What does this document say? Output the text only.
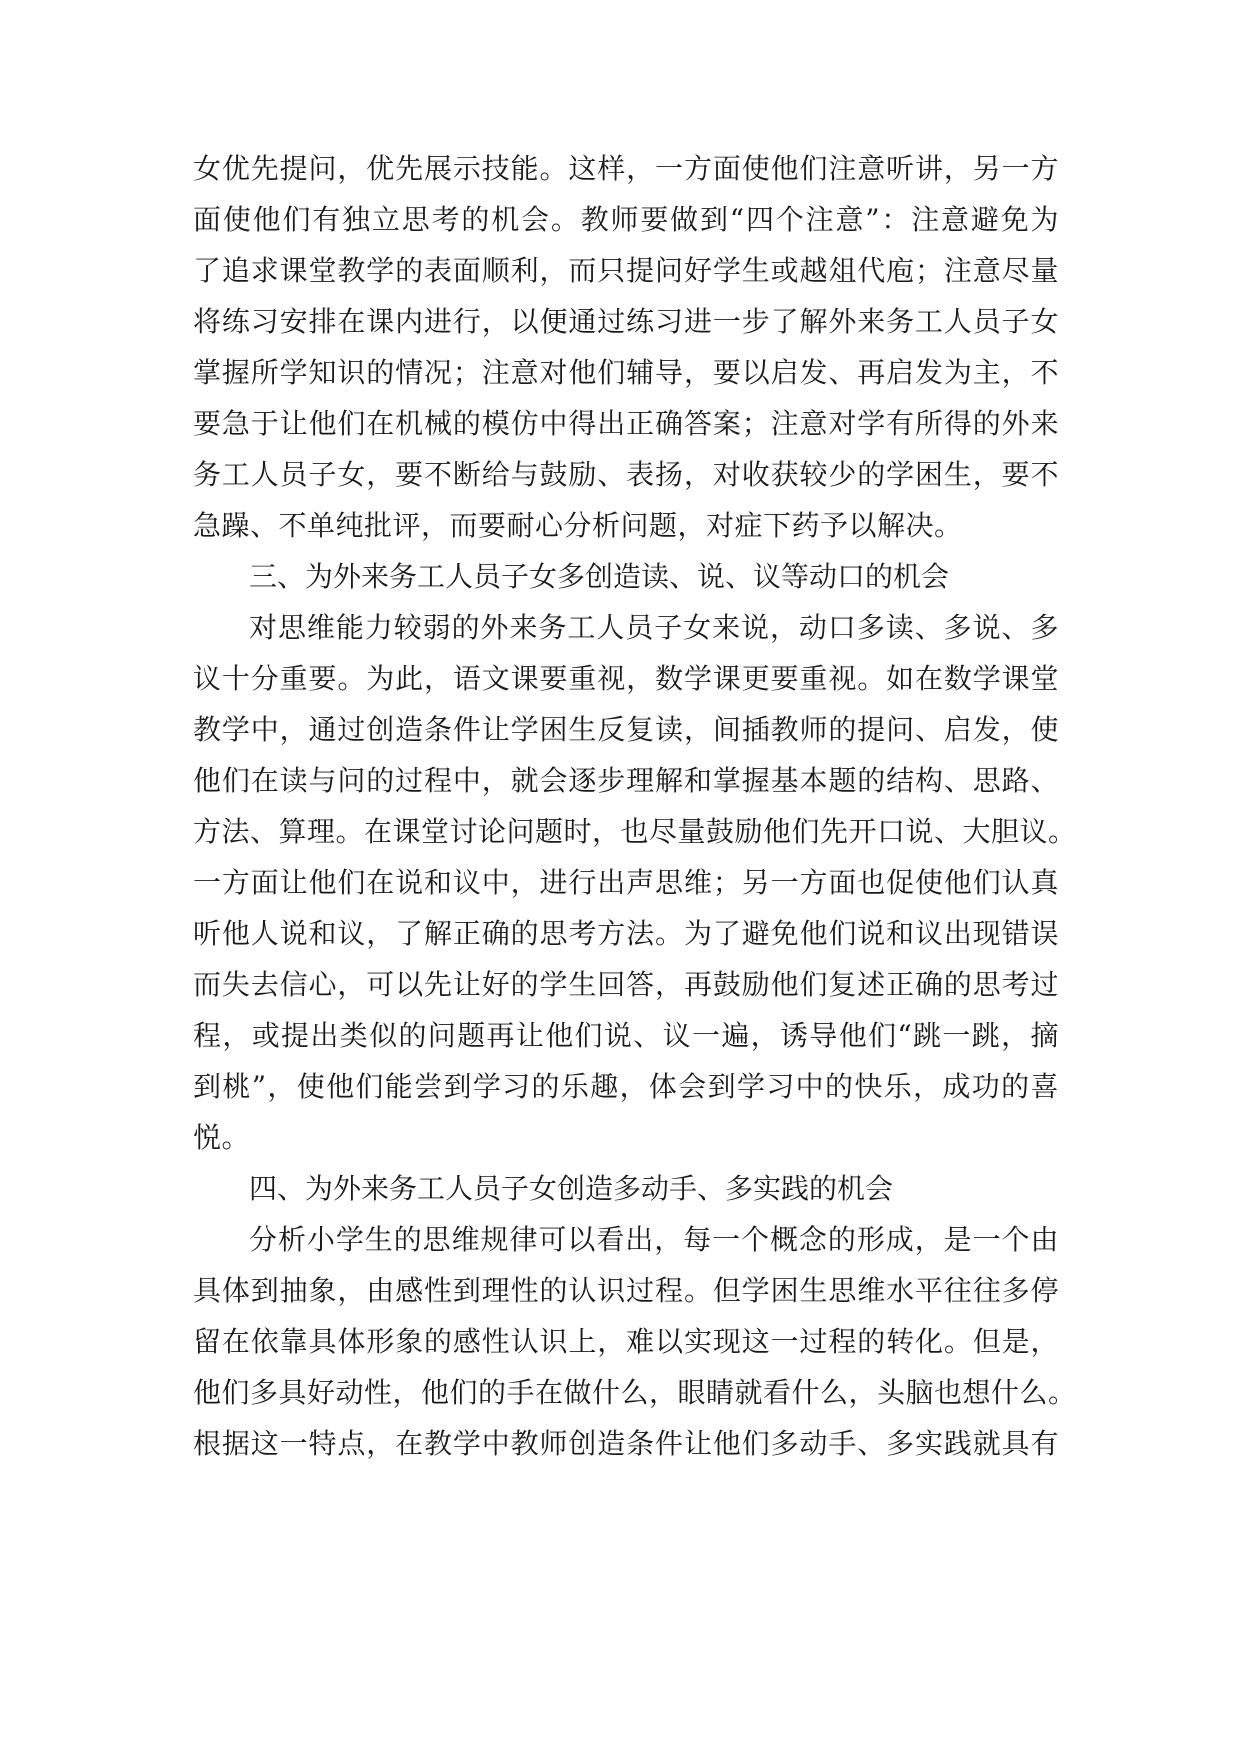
女优先提问，优先展示技能。这样，一方面使他们注意听讲，另一方
面使他们有独立思考的机会。教师要做到“四个注意”：注意避免为
了追求课堂教学的表面顺利，而只提问好学生或越俎代庖；注意尽量
将练习安排在课内进行，以便通过练习进一步了解外来务工人员子女
掌握所学知识的情况；注意对他们辅导，要以启发、再启发为主，不
要急于让他们在机械的模仿中得出正确答案；注意对学有所得的外来
务工人员子女，要不断给与鼓励、表扬，对收获较少的学困生，要不
急躁、不单纯批评，而要耐心分析问题，对症下药予以解决。

三、为外来务工人员子女多创造读、说、议等动口的机会

对思维能力较弱的外来务工人员子女来说，动口多读、多说、多
议十分重要。为此，语文课要重视，数学课更要重视。如在数学课堂
教学中，通过创造条件让学困生反复读，间插教师的提问、启发，使
他们在读与问的过程中，就会逐步理解和掌握基本题的结构、思路、
方法、算理。在课堂讨论问题时，也尽量鼓励他们先开口说、大胆议。
一方面让他们在说和议中，进行出声思维；另一方面也促使他们认真
听他人说和议，了解正确的思考方法。为了避免他们说和议出现错误
而失去信心，可以先让好的学生回答，再鼓励他们复述正确的思考过
程，或提出类似的问题再让他们说、议一遍，诱导他们“跳一跳，摘
到桃”，使他们能尝到学习的乐趣，体会到学习中的快乐，成功的喜
悦。

四、为外来务工人员子女创造多动手、多实践的机会

分析小学生的思维规律可以看出，每一个概念的形成，是一个由
具体到抽象，由感性到理性的认识过程。但学困生思维水平往往多停
留在依靠具体形象的感性认识上，难以实现这一过程的转化。但是，
他们多具好动性，他们的手在做什么，眼睛就看什么，头脑也想什么。
根据这一特点，在教学中教师创造条件让他们多动手、多实践就具有
